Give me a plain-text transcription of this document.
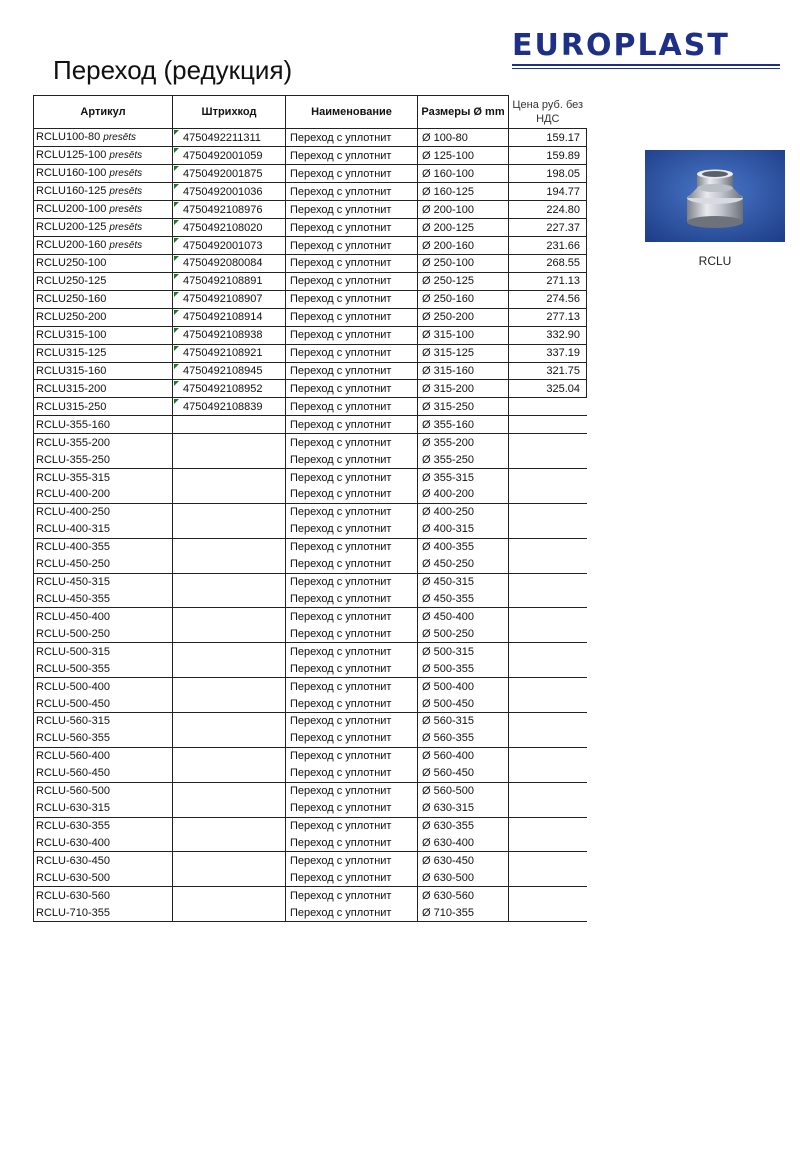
Переход (редукция)
EUROPLAST
Артикул	Штрихкод	Наименование	Размеры Ø mm	Цена руб. без НДС
RCLU100-80 presēts	4750492211311	Переход с уплотнит	Ø 100-80	159.17
RCLU125-100 presēts	4750492001059	Переход с уплотнит	Ø 125-100	159.89
RCLU160-100 presēts	4750492001875	Переход с уплотнит	Ø 160-100	198.05
RCLU160-125 presēts	4750492001036	Переход с уплотнит	Ø 160-125	194.77
RCLU200-100 presēts	4750492108976	Переход с уплотнит	Ø 200-100	224.80
RCLU200-125 presēts	4750492108020	Переход с уплотнит	Ø 200-125	227.37
RCLU200-160 presēts	4750492001073	Переход с уплотнит	Ø 200-160	231.66
RCLU250-100	4750492080084	Переход с уплотнит	Ø 250-100	268.55
RCLU250-125	4750492108891	Переход с уплотнит	Ø 250-125	271.13
RCLU250-160	4750492108907	Переход с уплотнит	Ø 250-160	274.56
RCLU250-200	4750492108914	Переход с уплотнит	Ø 250-200	277.13
RCLU315-100	4750492108938	Переход с уплотнит	Ø 315-100	332.90
RCLU315-125	4750492108921	Переход с уплотнит	Ø 315-125	337.19
RCLU315-160	4750492108945	Переход с уплотнит	Ø 315-160	321.75
RCLU315-200	4750492108952	Переход с уплотнит	Ø 315-200	325.04
RCLU315-250	4750492108839	Переход с уплотнит	Ø 315-250	
RCLU-355-160		Переход с уплотнит	Ø 355-160	
RCLU-355-200		Переход с уплотнит	Ø 355-200	
RCLU-355-250		Переход с уплотнит	Ø 355-250	
RCLU-355-315		Переход с уплотнит	Ø 355-315	
RCLU-400-200		Переход с уплотнит	Ø 400-200	
RCLU-400-250		Переход с уплотнит	Ø 400-250	
RCLU-400-315		Переход с уплотнит	Ø 400-315	
RCLU-400-355		Переход с уплотнит	Ø 400-355	
RCLU-450-250		Переход с уплотнит	Ø 450-250	
RCLU-450-315		Переход с уплотнит	Ø 450-315	
RCLU-450-355		Переход с уплотнит	Ø 450-355	
RCLU-450-400		Переход с уплотнит	Ø 450-400	
RCLU-500-250		Переход с уплотнит	Ø 500-250	
RCLU-500-315		Переход с уплотнит	Ø 500-315	
RCLU-500-355		Переход с уплотнит	Ø 500-355	
RCLU-500-400		Переход с уплотнит	Ø 500-400	
RCLU-500-450		Переход с уплотнит	Ø 500-450	
RCLU-560-315		Переход с уплотнит	Ø 560-315	
RCLU-560-355		Переход с уплотнит	Ø 560-355	
RCLU-560-400		Переход с уплотнит	Ø 560-400	
RCLU-560-450		Переход с уплотнит	Ø 560-450	
RCLU-560-500		Переход с уплотнит	Ø 560-500	
RCLU-630-315		Переход с уплотнит	Ø 630-315	
RCLU-630-355		Переход с уплотнит	Ø 630-355	
RCLU-630-400		Переход с уплотнит	Ø 630-400	
RCLU-630-450		Переход с уплотнит	Ø 630-450	
RCLU-630-500		Переход с уплотнит	Ø 630-500	
RCLU-630-560		Переход с уплотнит	Ø 630-560	
RCLU-710-355		Переход с уплотнит	Ø 710-355	
RCLU
